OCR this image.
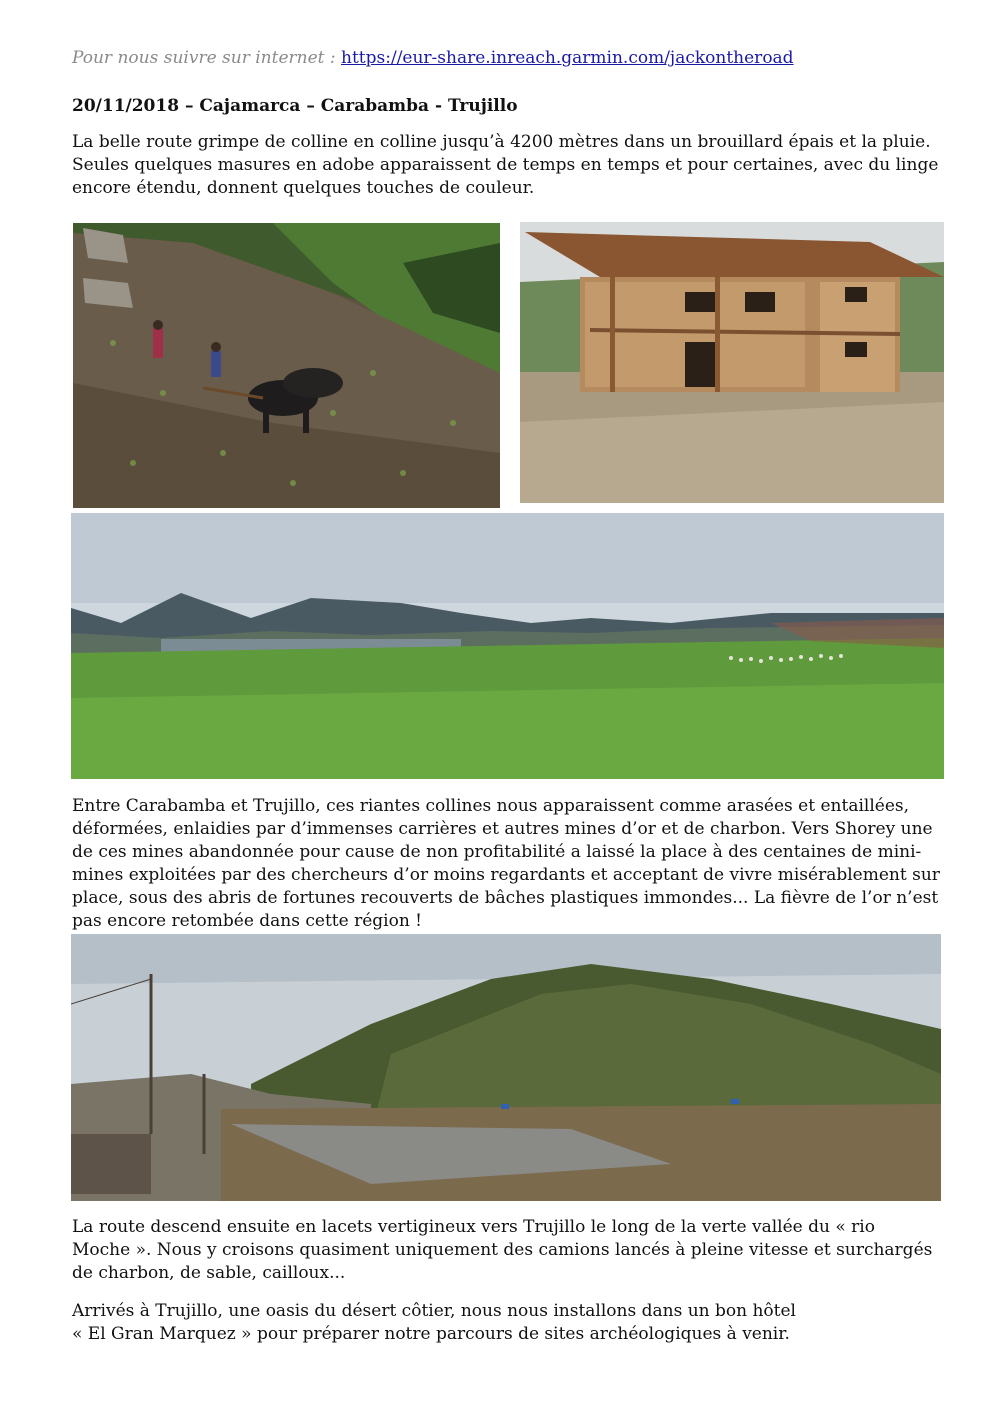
Pour nous suivre sur internet : https://eur-share.inreach.garmin.com/jackontheroad
20/11/2018 – Cajamarca – Carabamba - Trujillo
La belle route grimpe de colline en colline jusqu’à 4200 mètres dans un brouillard épais et la pluie.
Seules quelques masures en adobe apparaissent de temps en temps et pour certaines, avec du linge
encore étendu, donnent quelques touches de couleur.
Entre Carabamba et Trujillo, ces riantes collines nous apparaissent comme arasées et entaillées,
déformées, enlaidies par d’immenses carrières et autres mines d’or et de charbon. Vers Shorey une
de ces mines abandonnée pour cause de non profitabilité a laissé la place à des centaines de mini-
mines exploitées par des chercheurs d’or moins regardants et acceptant de vivre misérablement sur
place, sous des abris de fortunes recouverts de bâches plastiques immondes... La fièvre de l’or n’est
pas encore retombée dans cette région !
La route descend ensuite en lacets vertigineux vers Trujillo le long de la verte vallée du « rio
Moche ». Nous y croisons quasiment uniquement des camions lancés à pleine vitesse et surchargés
de charbon, de sable, cailloux...
Arrivés à Trujillo, une oasis du désert côtier, nous nous installons dans un bon hôtel
« El Gran Marquez » pour préparer notre parcours de sites archéologiques à venir.
